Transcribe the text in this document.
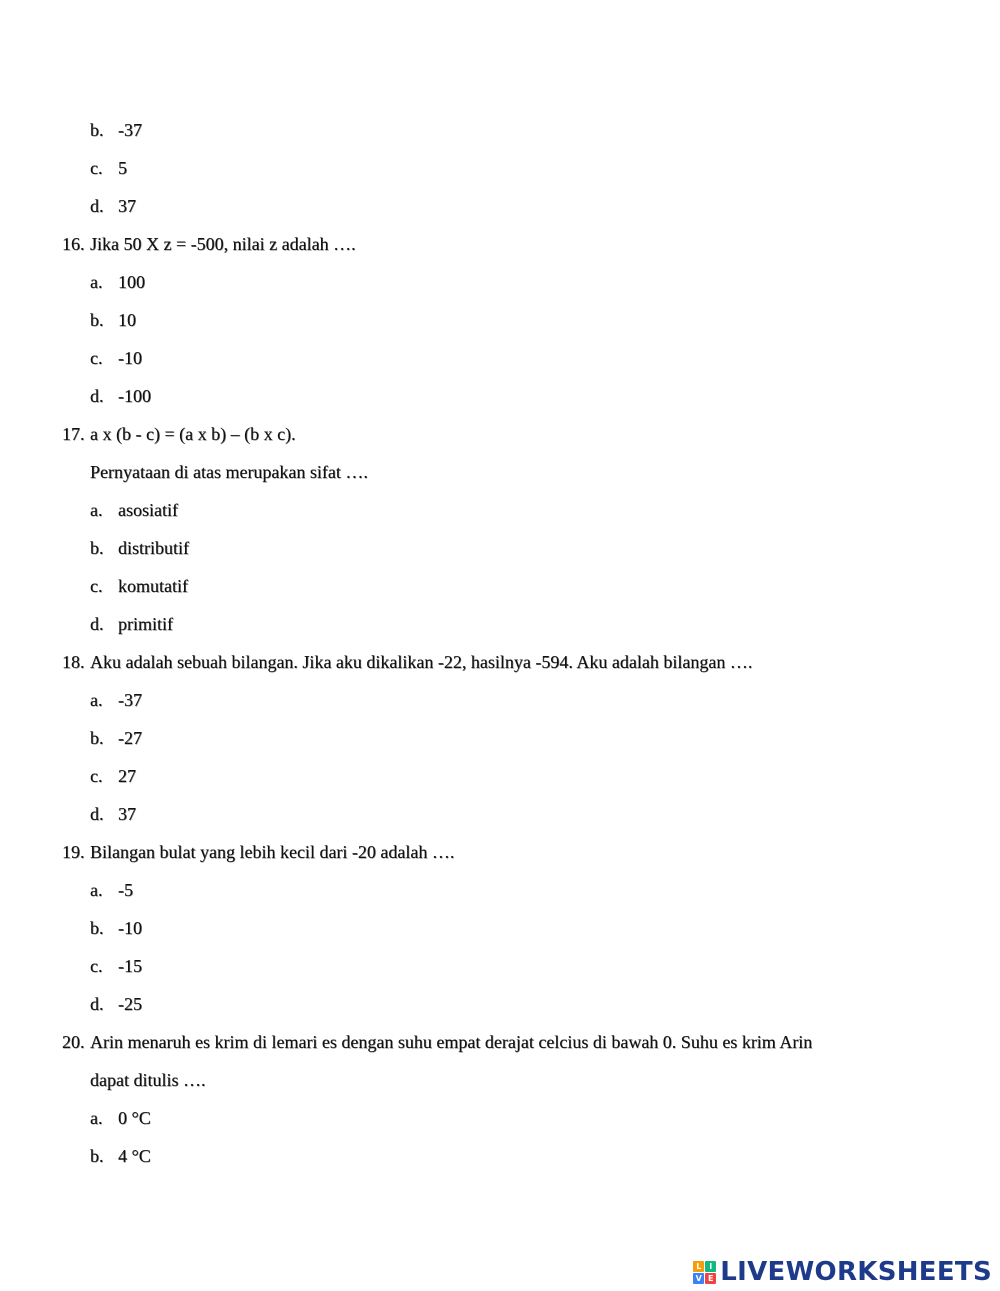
b. -37
c. 5
d. 37
16. Jika 50 X z = -500, nilai z adalah ….
a. 100
b. 10
c. -10
d. -100
17. a x (b - c) = (a x b) – (b x c).
Pernyataan di atas merupakan sifat ….
a. asosiatif
b. distributif
c. komutatif
d. primitif
18. Aku adalah sebuah bilangan. Jika aku dikalikan -22, hasilnya -594. Aku adalah bilangan ….
a. -37
b. -27
c. 27
d. 37
19. Bilangan bulat yang lebih kecil dari -20 adalah ….
a. -5
b. -10
c. -15
d. -25
20. Arin menaruh es krim di lemari es dengan suhu empat derajat celcius di bawah 0. Suhu es krim Arin
dapat ditulis ….
a. 0 °C
b. 4 °C
L I
V E LIVEWORKSHEETS
